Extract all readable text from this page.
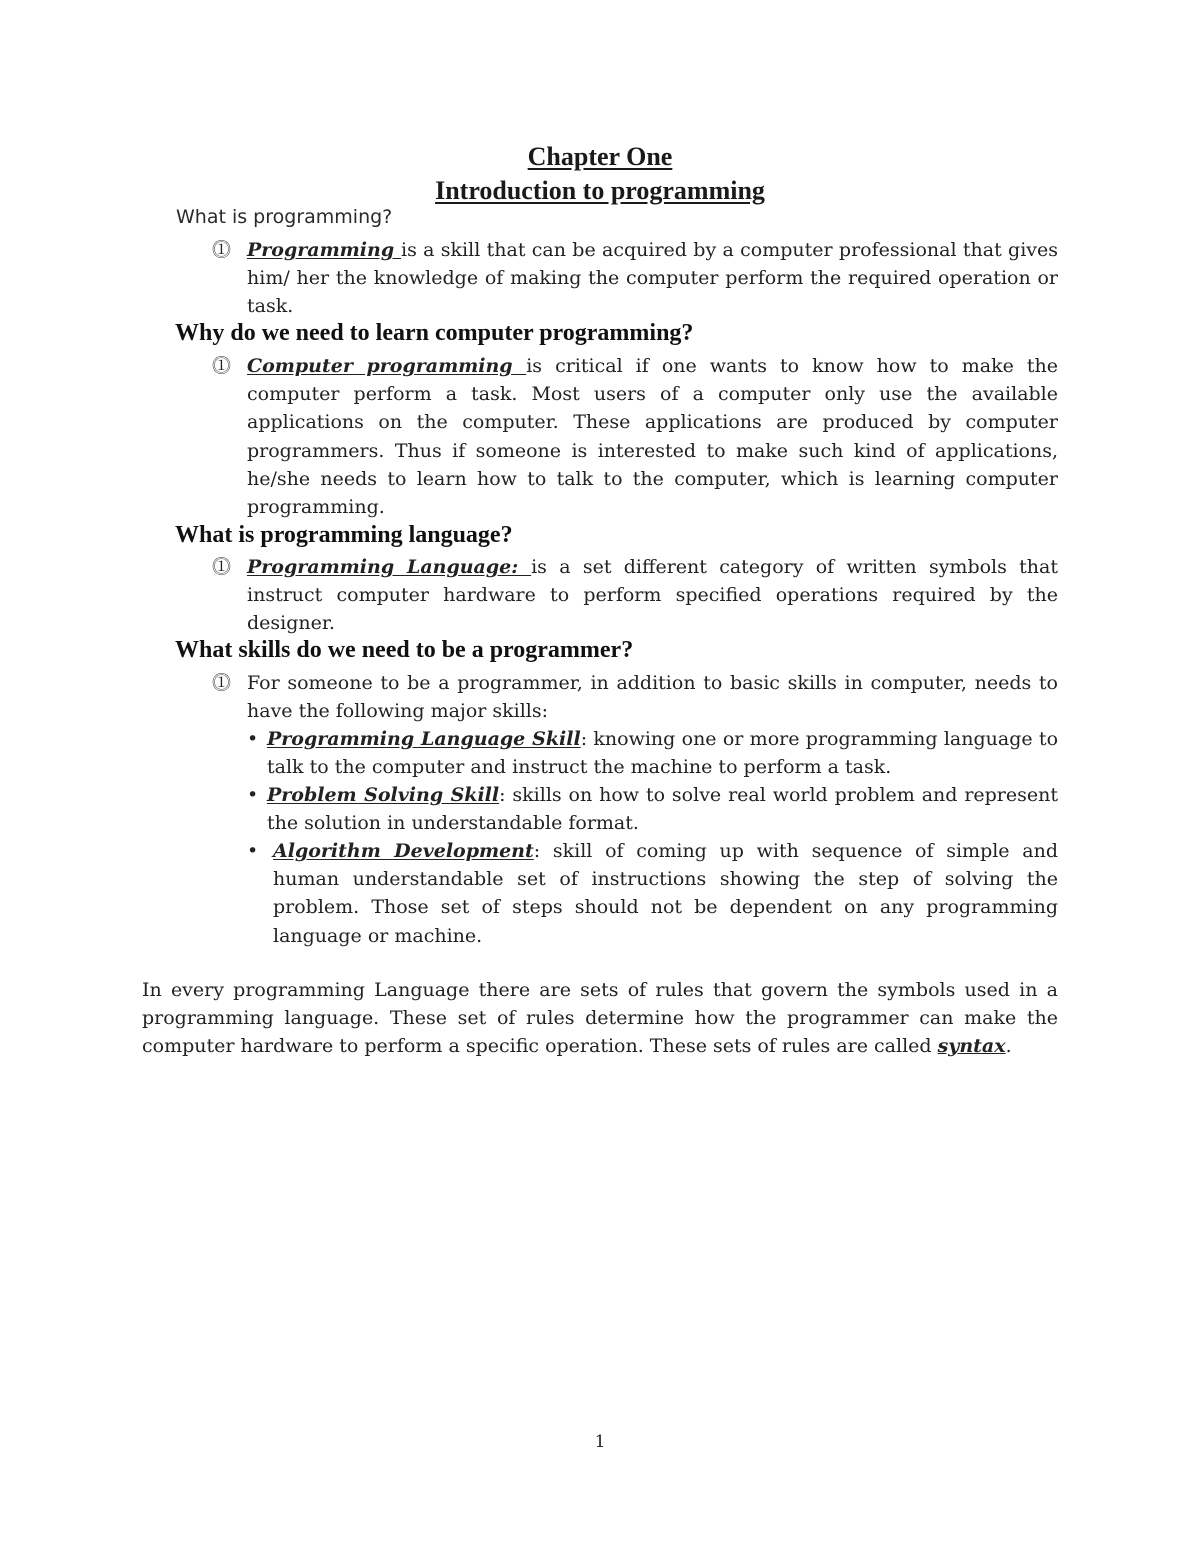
Chapter One
Introduction to programming

What is programming?

⓵ Programming is a skill that can be acquired by a computer professional that gives him/ her the knowledge of making the computer perform the required operation or task.
Why do we need to learn computer programming?
⓵ Computer programming is critical if one wants to know how to make the computer perform a task. Most users of a computer only use the available applications on the computer. These applications are produced by computer programmers. Thus if someone is interested to make such kind of applications, he/she needs to learn how to talk to the computer, which is learning computer programming.
What is programming language?
⓵ Programming Language: is a set different category of written symbols that instruct computer hardware to perform specified operations required by the designer.
What skills do we need to be a programmer?
⓵ For someone to be a programmer, in addition to basic skills in computer, needs to have the following major skills:
• Programming Language Skill: knowing one or more programming language to talk to the computer and instruct the machine to perform a task.
• Problem Solving Skill: skills on how to solve real world problem and represent the solution in understandable format.
• Algorithm Development: skill of coming up with sequence of simple and human understandable set of instructions showing the step of solving the problem. Those set of steps should not be dependent on any programming language or machine.

In every programming Language there are sets of rules that govern the symbols used in a programming language. These set of rules determine how the programmer can make the computer hardware to perform a specific operation. These sets of rules are called syntax.

1
